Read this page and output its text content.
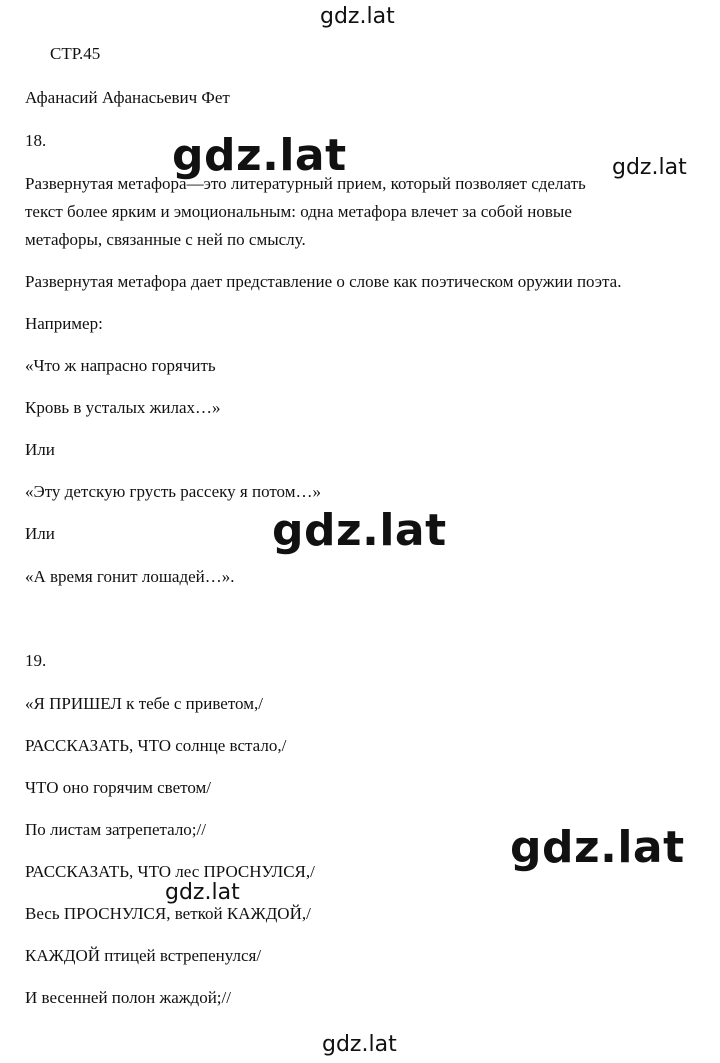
gdz.lat
СТР.45
Афанасий Афанасьевич Фет
18.
Развернутая метафора—это литературный прием, который позволяет сделать
текст более ярким и эмоциональным: одна метафора влечет за собой новые
метафоры, связанные с ней по смыслу.
Развернутая метафора дает представление о слове как поэтическом оружии поэта.
Например:
«Что ж напрасно горячить
Кровь в усталых жилах…»
Или
«Эту детскую грусть рассеку я потом…»
Или
«А время гонит лошадей…».
19.
«Я ПРИШЕЛ к тебе с приветом,/
РАССКАЗАТЬ, ЧТО солнце встало,/
ЧТО оно горячим светом/
По листам затрепетало;//
РАССКАЗАТЬ, ЧТО лес ПРОСНУЛСЯ,/
Весь ПРОСНУЛСЯ, веткой КАЖДОЙ,/
КАЖДОЙ птицей встрепенулся/
И весенней полон жаждой;//
gdz.lat	gdz.lat
gdz.lat
gdz.lat
gdz.lat
gdz.lat
